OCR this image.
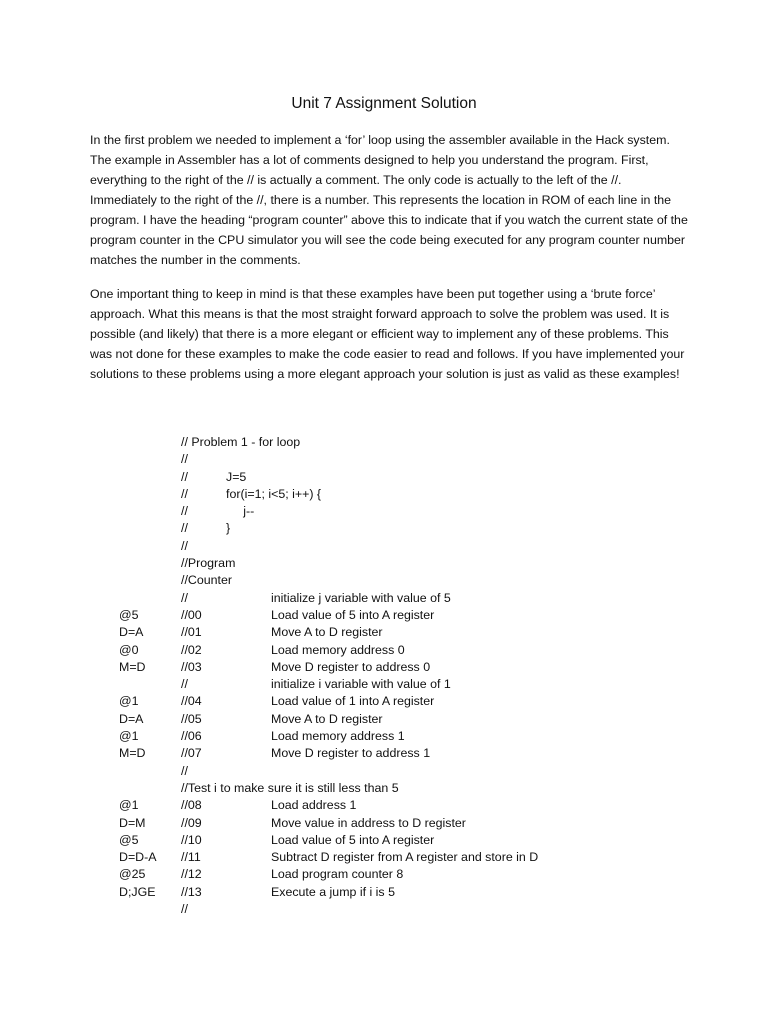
Unit 7 Assignment Solution

In the first problem we needed to implement a ‘for’ loop using the assembler available in the Hack system. The example in Assembler has a lot of comments designed to help you understand the program. First, everything to the right of the // is actually a comment. The only code is actually to the left of the //. Immediately to the right of the //, there is a number. This represents the location in ROM of each line in the program. I have the heading “program counter” above this to indicate that if you watch the current state of the program counter in the CPU simulator you will see the code being executed for any program counter number matches the number in the comments.

One important thing to keep in mind is that these examples have been put together using a ‘brute force’ approach. What this means is that the most straight forward approach to solve the problem was used. It is possible (and likely) that there is a more elegant or efficient way to implement any of these problems. This was not done for these examples to make the code easier to read and follows. If you have implemented your solutions to these problems using a more elegant approach your solution is just as valid as these examples!

// Problem 1 - for loop
//
//	J=5
//	for(i=1; i<5; i++) {
//	j--
//	}
//
//Program
//Counter
//	initialize j variable with value of 5
@5	//00	Load value of 5 into A register
D=A	//01	Move A to D register
@0	//02	Load memory address 0
M=D	//03	Move D register to address 0
//	initialize i variable with value of 1
@1	//04	Load value of 1 into A register
D=A	//05	Move A to D register
@1	//06	Load memory address 1
M=D	//07	Move D register to address 1
//
//Test i to make sure it is still less than 5
@1	//08	Load address 1
D=M	//09	Move value in address to D register
@5	//10	Load value of 5 into A register
D=D-A //11	Subtract D register from A register and store in D
@25	//12	Load program counter 8
D;JGE //13	Execute a jump if i is 5
//
